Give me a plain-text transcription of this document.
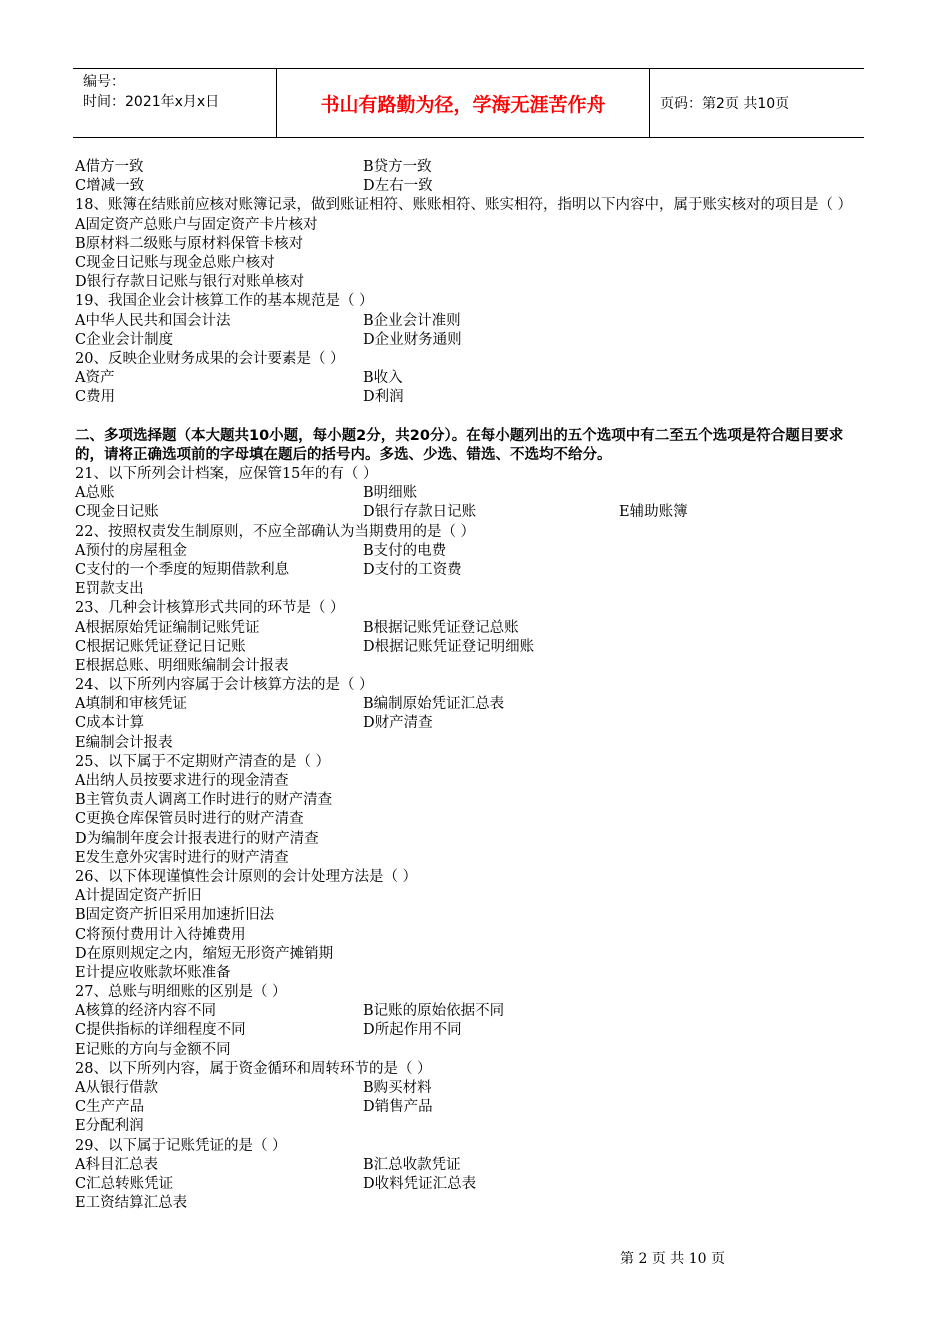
编号：
时间：2021年x月x日	书山有路勤为径，学海无涯苦作舟	页码：第2页 共10页
A借方一致	B贷方一致
C增减一致	D左右一致
18、账簿在结账前应核对账簿记录，做到账证相符、账账相符、账实相符，指明以下内容中，属于账实核对的项目是（ ）
A固定资产总账户与固定资产卡片核对
B原材料二级账与原材料保管卡核对
C现金日记账与现金总账户核对
D银行存款日记账与银行对账单核对
19、我国企业会计核算工作的基本规范是（ ）
A中华人民共和国会计法	B企业会计准则
C企业会计制度	D企业财务通则
20、反映企业财务成果的会计要素是（ ）
A资产	B收入
C费用	D利润
二、多项选择题（本大题共10小题，每小题2分，共20分）。在每小题列出的五个选项中有二至五个选项是符合题目要求的，请将正确选项前的字母填在题后的括号内。多选、少选、错选、不选均不给分。
21、以下所列会计档案，应保管15年的有（ ）
A总账	B明细账
C现金日记账	D银行存款日记账	E辅助账簿
22、按照权责发生制原则，不应全部确认为当期费用的是（ ）
A预付的房屋租金	B支付的电费
C支付的一个季度的短期借款利息	D支付的工资费
E罚款支出
23、几种会计核算形式共同的环节是（ ）
A根据原始凭证编制记账凭证	B根据记账凭证登记总账
C根据记账凭证登记日记账	D根据记账凭证登记明细账
E根据总账、明细账编制会计报表
24、以下所列内容属于会计核算方法的是（ ）
A填制和审核凭证	B编制原始凭证汇总表
C成本计算	D财产清查
E编制会计报表
25、以下属于不定期财产清查的是（ ）
A出纳人员按要求进行的现金清查
B主管负责人调离工作时进行的财产清查
C更换仓库保管员时进行的财产清查
D为编制年度会计报表进行的财产清查
E发生意外灾害时进行的财产清查
26、以下体现谨慎性会计原则的会计处理方法是（ ）
A计提固定资产折旧
B固定资产折旧采用加速折旧法
C将预付费用计入待摊费用
D在原则规定之内，缩短无形资产摊销期
E计提应收账款坏账准备
27、总账与明细账的区别是（ ）
A核算的经济内容不同	B记账的原始依据不同
C提供指标的详细程度不同	D所起作用不同
E记账的方向与金额不同
28、以下所列内容，属于资金循环和周转环节的是（ ）
A从银行借款	B购买材料
C生产产品	D销售产品
E分配利润
29、以下属于记账凭证的是（ ）
A科目汇总表	B汇总收款凭证
C汇总转账凭证	D收料凭证汇总表
E工资结算汇总表
第 2 页 共 10 页
